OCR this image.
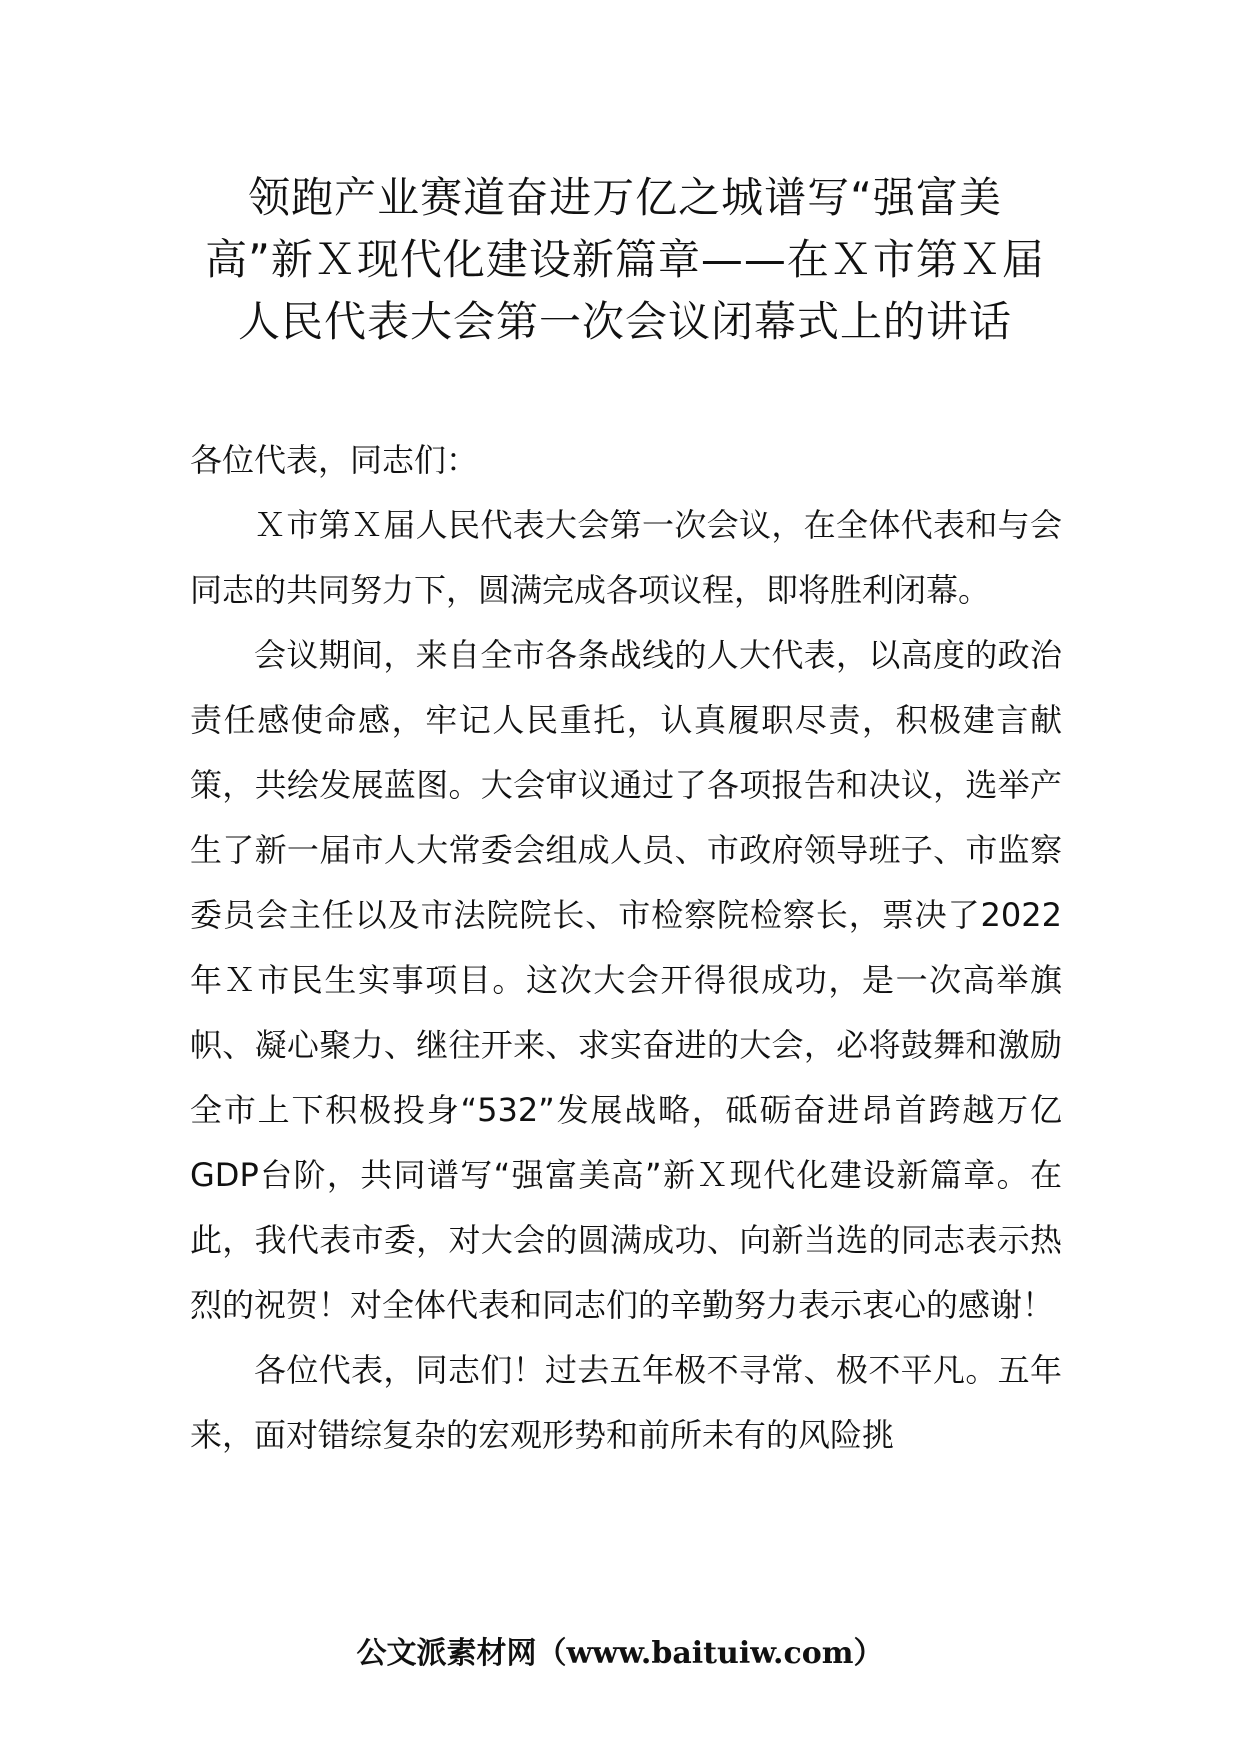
领跑产业赛道奋进万亿之城谱写“强富美高”新Ｘ现代化建设新篇章——在Ｘ市第Ｘ届人民代表大会第一次会议闭幕式上的讲话

各位代表，同志们：

Ｘ市第Ｘ届人民代表大会第一次会议，在全体代表和与会同志的共同努力下，圆满完成各项议程，即将胜利闭幕。

会议期间，来自全市各条战线的人大代表，以高度的政治责任感使命感，牢记人民重托，认真履职尽责，积极建言献策，共绘发展蓝图。大会审议通过了各项报告和决议，选举产生了新一届市人大常委会组成人员、市政府领导班子、市监察委员会主任以及市法院院长、市检察院检察长，票决了2022年Ｘ市民生实事项目。这次大会开得很成功，是一次高举旗帜、凝心聚力、继往开来、求实奋进的大会，必将鼓舞和激励全市上下积极投身“532”发展战略，砥砺奋进昂首跨越万亿GDP台阶，共同谱写“强富美高”新Ｘ现代化建设新篇章。在此，我代表市委，对大会的圆满成功、向新当选的同志表示热烈的祝贺！对全体代表和同志们的辛勤努力表示衷心的感谢！

各位代表，同志们！过去五年极不寻常、极不平凡。五年来，面对错综复杂的宏观形势和前所未有的风险挑

公文派素材网（www.baituiw.com）
